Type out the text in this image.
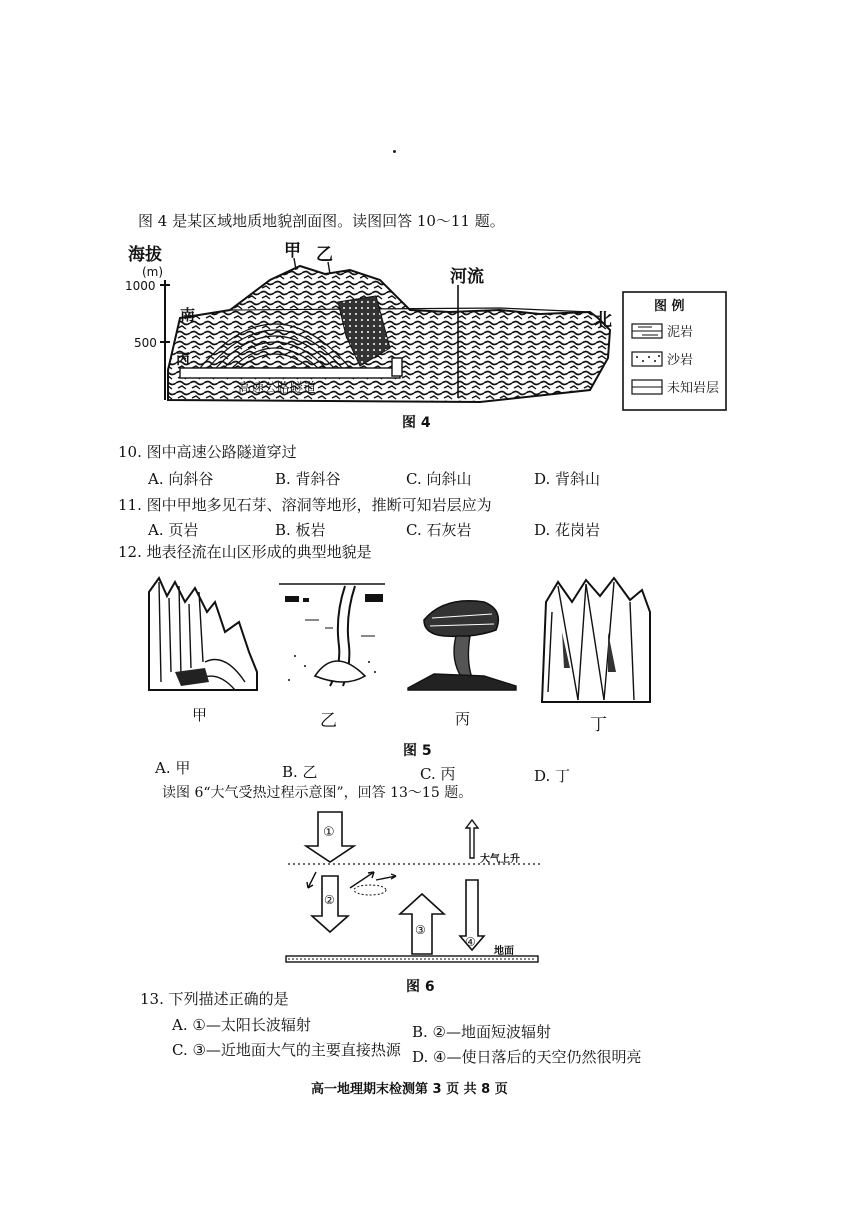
图 4 是某区域地质地貌剖面图。读图回答 10～11 题。
海拔
(m)
1000
500
高速公路隧道
河流
甲 乙
南	北
丙
图 例
泥岩
沙岩
未知岩层
图 4
10. 图中高速公路隧道穿过
A. 向斜谷	B. 背斜谷	C. 向斜山	D. 背斜山
11. 图中甲地多见石芽、溶洞等地形，推断可知岩层应为
A. 页岩	B. 板岩	C. 石灰岩	D. 花岗岩
12. 地表径流在山区形成的典型地貌是
甲	乙	丙	丁
图 5
A. 甲	B. 乙	C. 丙	D. 丁
读图 6“大气受热过程示意图”，回答 13～15 题。
①
②
③
④
大气上升
地面
图 6
13. 下列描述正确的是
A. ①—太阳长波辐射	B. ②—地面短波辐射
C. ③—近地面大气的主要直接热源 D. ④—使日落后的天空仍然很明亮
高一地理期末检测第 3 页 共 8 页
